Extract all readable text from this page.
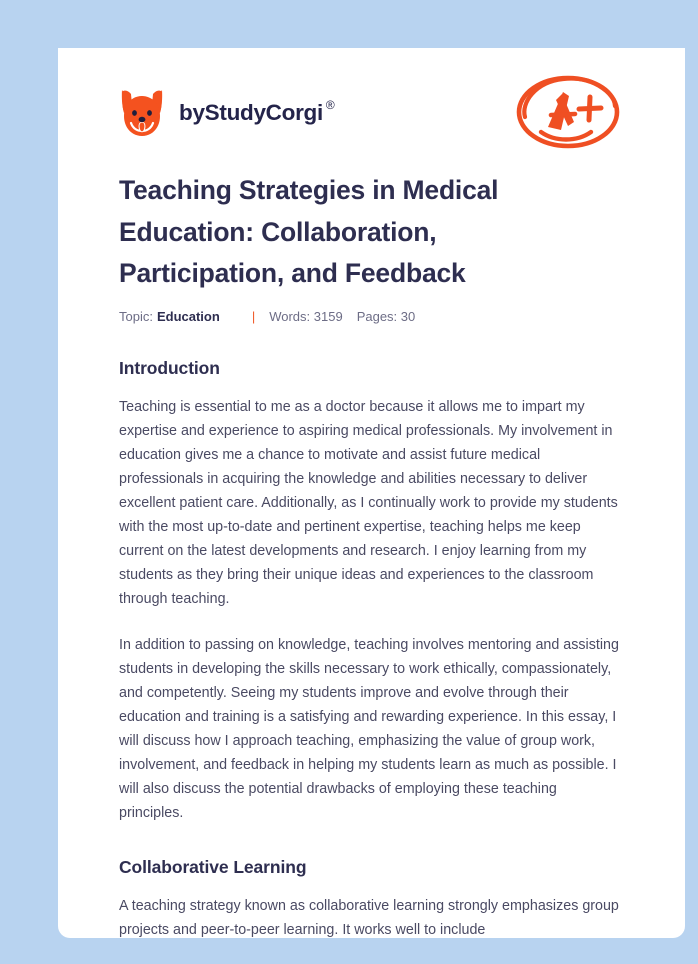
by StudyCorgi ®
Teaching Strategies in Medical Education: Collaboration, Participation, and Feedback
Topic: Education | Words: 3159 Pages: 30
Introduction

Teaching is essential to me as a doctor because it allows me to impart my expertise and experience to aspiring medical professionals. My involvement in education gives me a chance to motivate and assist future medical professionals in acquiring the knowledge and abilities necessary to deliver excellent patient care. Additionally, as I continually work to provide my students with the most up-to-date and pertinent expertise, teaching helps me keep current on the latest developments and research. I enjoy learning from my students as they bring their unique ideas and experiences to the classroom through teaching.

In addition to passing on knowledge, teaching involves mentoring and assisting students in developing the skills necessary to work ethically, compassionately, and competently. Seeing my students improve and evolve through their education and training is a satisfying and rewarding experience. In this essay, I will discuss how I approach teaching, emphasizing the value of group work, involvement, and feedback in helping my students learn as much as possible. I will also discuss the potential drawbacks of employing these teaching principles.

Collaborative Learning

A teaching strategy known as collaborative learning strongly emphasizes group projects and peer-to-peer learning. It works well to include
